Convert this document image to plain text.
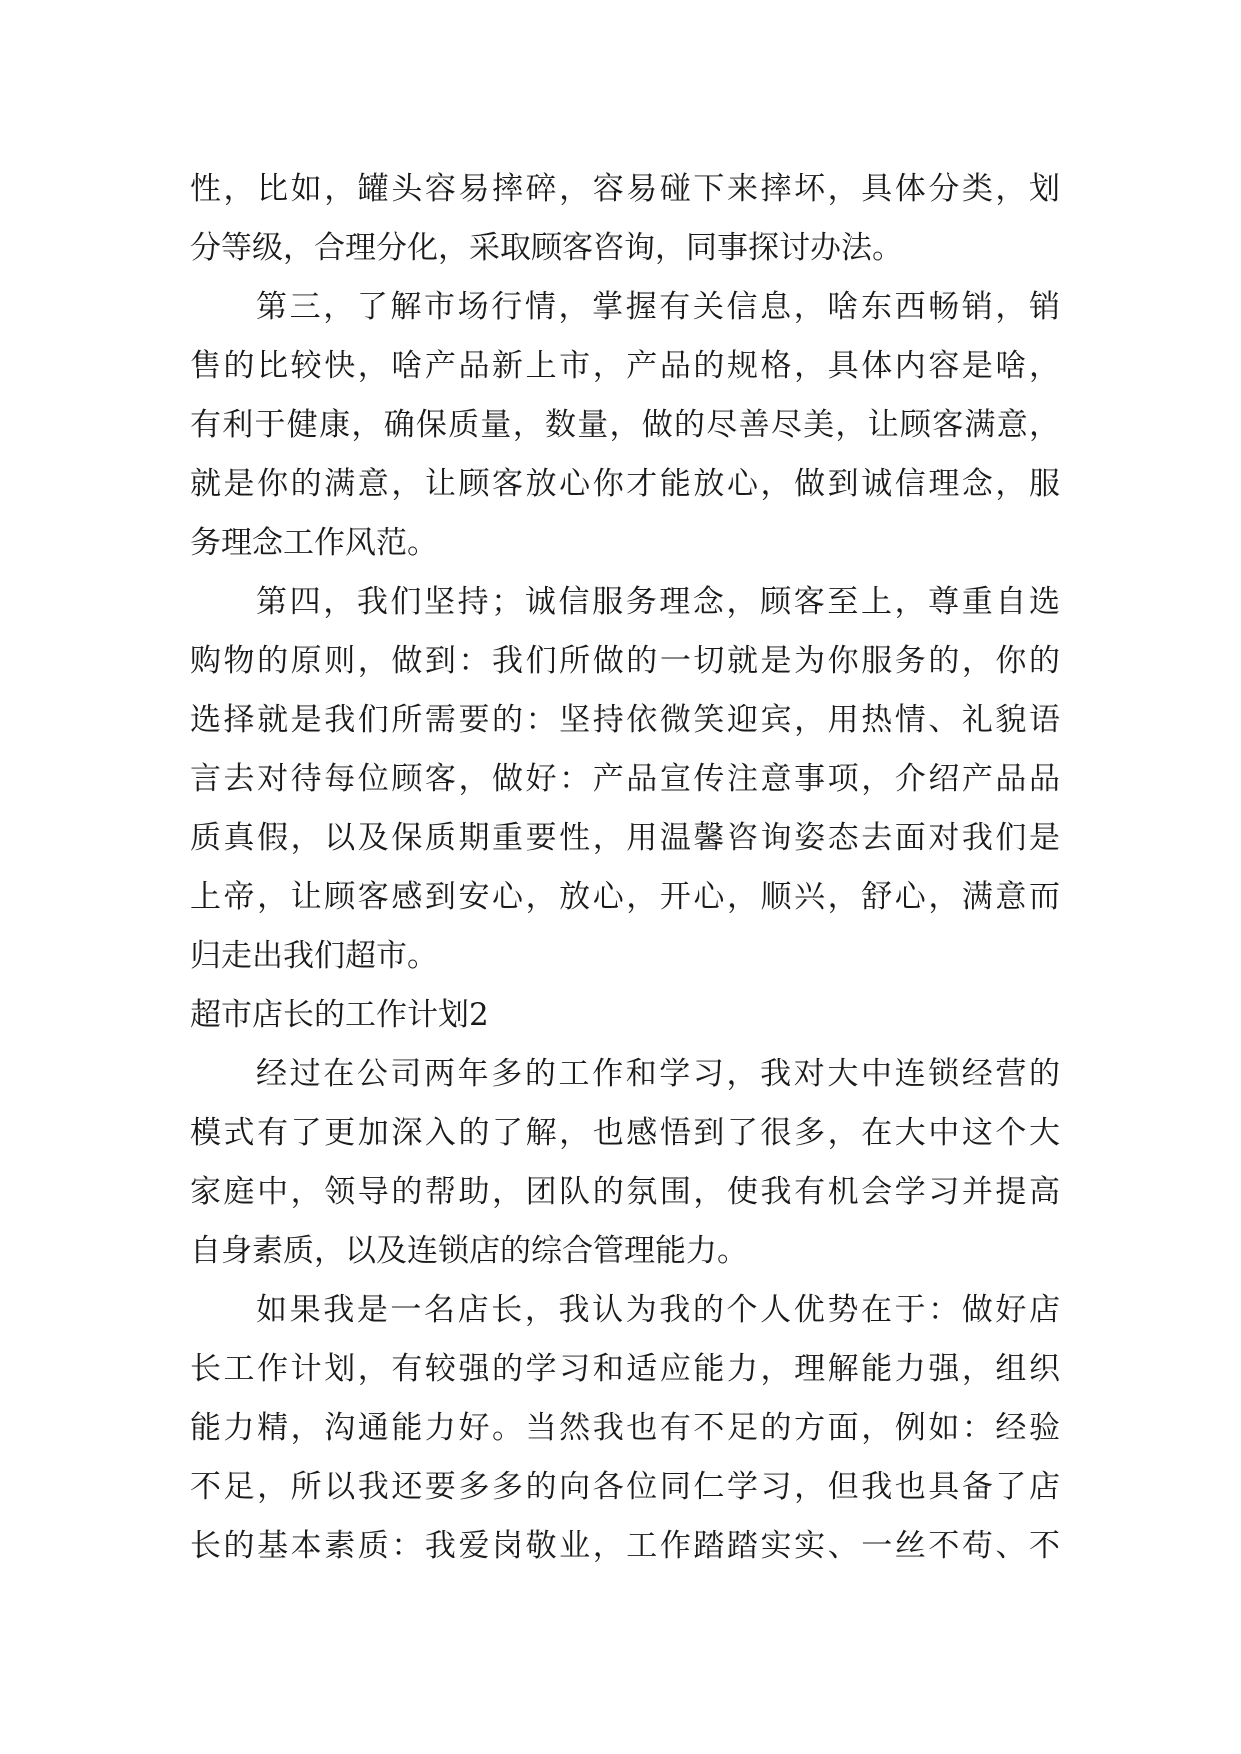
性，比如，罐头容易摔碎，容易碰下来摔坏，具体分类，划
分等级，合理分化，采取顾客咨询，同事探讨办法。
第三，了解市场行情，掌握有关信息，啥东西畅销，销
售的比较快，啥产品新上市，产品的规格，具体内容是啥，
有利于健康，确保质量，数量，做的尽善尽美，让顾客满意，
就是你的满意，让顾客放心你才能放心，做到诚信理念，服
务理念工作风范。
第四，我们坚持；诚信服务理念，顾客至上，尊重自选
购物的原则，做到：我们所做的一切就是为你服务的，你的
选择就是我们所需要的：坚持依微笑迎宾，用热情、礼貌语
言去对待每位顾客，做好：产品宣传注意事项，介绍产品品
质真假，以及保质期重要性，用温馨咨询姿态去面对我们是
上帝，让顾客感到安心，放心，开心，顺兴，舒心，满意而
归走出我们超市。
超市店长的工作计划2
经过在公司两年多的工作和学习，我对大中连锁经营的
模式有了更加深入的了解，也感悟到了很多，在大中这个大
家庭中，领导的帮助，团队的氛围，使我有机会学习并提高
自身素质，以及连锁店的综合管理能力。
如果我是一名店长，我认为我的个人优势在于：做好店
长工作计划，有较强的学习和适应能力，理解能力强，组织
能力精，沟通能力好。当然我也有不足的方面，例如：经验
不足，所以我还要多多的向各位同仁学习，但我也具备了店
长的基本素质：我爱岗敬业，工作踏踏实实、一丝不苟、不
